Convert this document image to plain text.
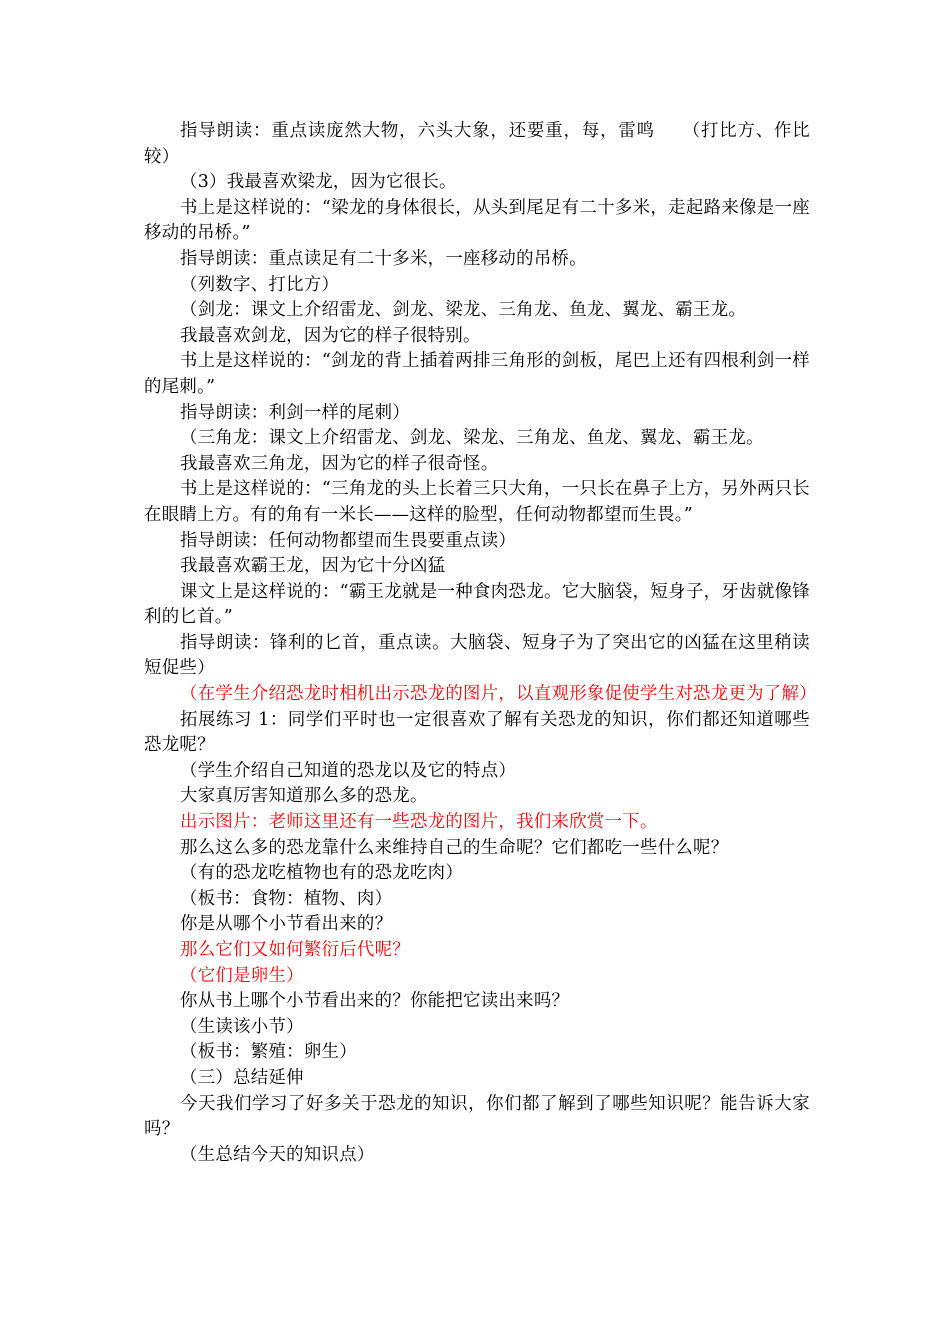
指导朗读：重点读庞然大物，六头大象，还要重，每，雷鸣　　（打比方、作比较）

（3）我最喜欢梁龙，因为它很长。

书上是这样说的：“梁龙的身体很长，从头到尾足有二十多米，走起路来像是一座移动的吊桥。”

指导朗读：重点读足有二十多米，一座移动的吊桥。

（列数字、打比方）

（剑龙：课文上介绍雷龙、剑龙、梁龙、三角龙、鱼龙、翼龙、霸王龙。

我最喜欢剑龙，因为它的样子很特别。

书上是这样说的：“剑龙的背上插着两排三角形的剑板，尾巴上还有四根利剑一样的尾刺。”

指导朗读：利剑一样的尾刺）

（三角龙：课文上介绍雷龙、剑龙、梁龙、三角龙、鱼龙、翼龙、霸王龙。

我最喜欢三角龙，因为它的样子很奇怪。

书上是这样说的：“三角龙的头上长着三只大角，一只长在鼻子上方，另外两只长在眼睛上方。有的角有一米长——这样的脸型，任何动物都望而生畏。”

指导朗读：任何动物都望而生畏要重点读）

我最喜欢霸王龙，因为它十分凶猛

课文上是这样说的：“霸王龙就是一种食肉恐龙。它大脑袋，短身子，牙齿就像锋利的匕首。”

指导朗读：锋利的匕首，重点读。大脑袋、短身子为了突出它的凶猛在这里稍读短促些）

（在学生介绍恐龙时相机出示恐龙的图片，以直观形象促使学生对恐龙更为了解）

拓展练习 1：同学们平时也一定很喜欢了解有关恐龙的知识，你们都还知道哪些恐龙呢？

（学生介绍自己知道的恐龙以及它的特点）

大家真厉害知道那么多的恐龙。

出示图片：老师这里还有一些恐龙的图片，我们来欣赏一下。

那么这么多的恐龙靠什么来维持自己的生命呢？它们都吃一些什么呢？

（有的恐龙吃植物也有的恐龙吃肉）

（板书：食物：植物、肉）

你是从哪个小节看出来的？

那么它们又如何繁衍后代呢？

（它们是卵生）

你从书上哪个小节看出来的？你能把它读出来吗？

（生读该小节）

（板书：繁殖：卵生）

（三）总结延伸

今天我们学习了好多关于恐龙的知识，你们都了解到了哪些知识呢？能告诉大家吗？

（生总结今天的知识点）
